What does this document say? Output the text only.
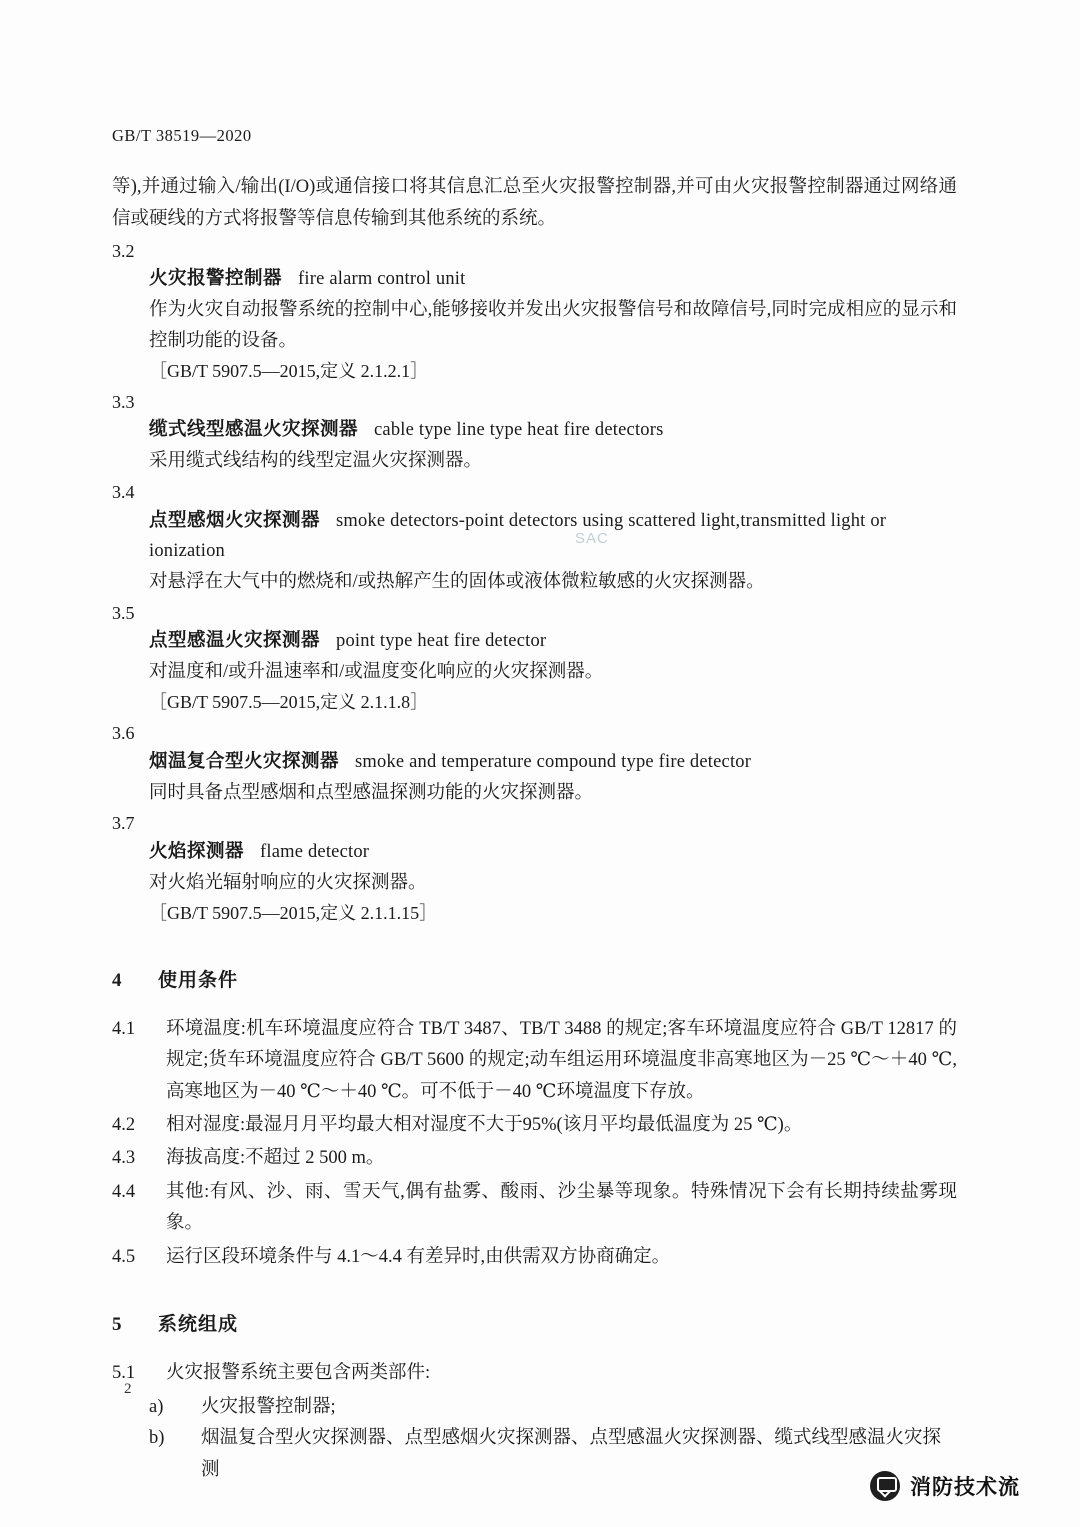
GB/T 38519—2020
等),并通过输入/输出(I/O)或通信接口将其信息汇总至火灾报警控制器,并可由火灾报警控制器通过网络通信或硬线的方式将报警等信息传输到其他系统的系统。
3.2
火灾报警控制器 fire alarm control unit
作为火灾自动报警系统的控制中心,能够接收并发出火灾报警信号和故障信号,同时完成相应的显示和控制功能的设备。
［GB/T 5907.5—2015,定义 2.1.2.1］
3.3
缆式线型感温火灾探测器 cable type line type heat fire detectors
采用缆式线结构的线型定温火灾探测器。
3.4
点型感烟火灾探测器 smoke detectors-point detectors using scattered light,transmitted light or ionization
对悬浮在大气中的燃烧和/或热解产生的固体或液体微粒敏感的火灾探测器。
3.5
点型感温火灾探测器 point type heat fire detector
对温度和/或升温速率和/或温度变化响应的火灾探测器。
［GB/T 5907.5—2015,定义 2.1.1.8］
3.6
烟温复合型火灾探测器 smoke and temperature compound type fire detector
同时具备点型感烟和点型感温探测功能的火灾探测器。
3.7
火焰探测器 flame detector
对火焰光辐射响应的火灾探测器。
［GB/T 5907.5—2015,定义 2.1.1.15］
4 使用条件
4.1	环境温度:机车环境温度应符合 TB/T 3487、TB/T 3488 的规定;客车环境温度应符合 GB/T 12817 的规定;货车环境温度应符合 GB/T 5600 的规定;动车组运用环境温度非高寒地区为－25 ℃～＋40 ℃,高寒地区为－40 ℃～＋40 ℃。可不低于－40 ℃环境温度下存放。
4.2	相对湿度:最湿月月平均最大相对湿度不大于95%(该月平均最低温度为 25 ℃)。
4.3	海拔高度:不超过 2 500 m。
4.4	其他:有风、沙、雨、雪天气,偶有盐雾、酸雨、沙尘暴等现象。特殊情况下会有长期持续盐雾现象。
4.5	运行区段环境条件与 4.1～4.4 有差异时,由供需双方协商确定。
5 系统组成
5.1	火灾报警系统主要包含两类部件:
a)	火灾报警控制器;
b)	烟温复合型火灾探测器、点型感烟火灾探测器、点型感温火灾探测器、缆式线型感温火灾探测
SAC
2
消防技术流
